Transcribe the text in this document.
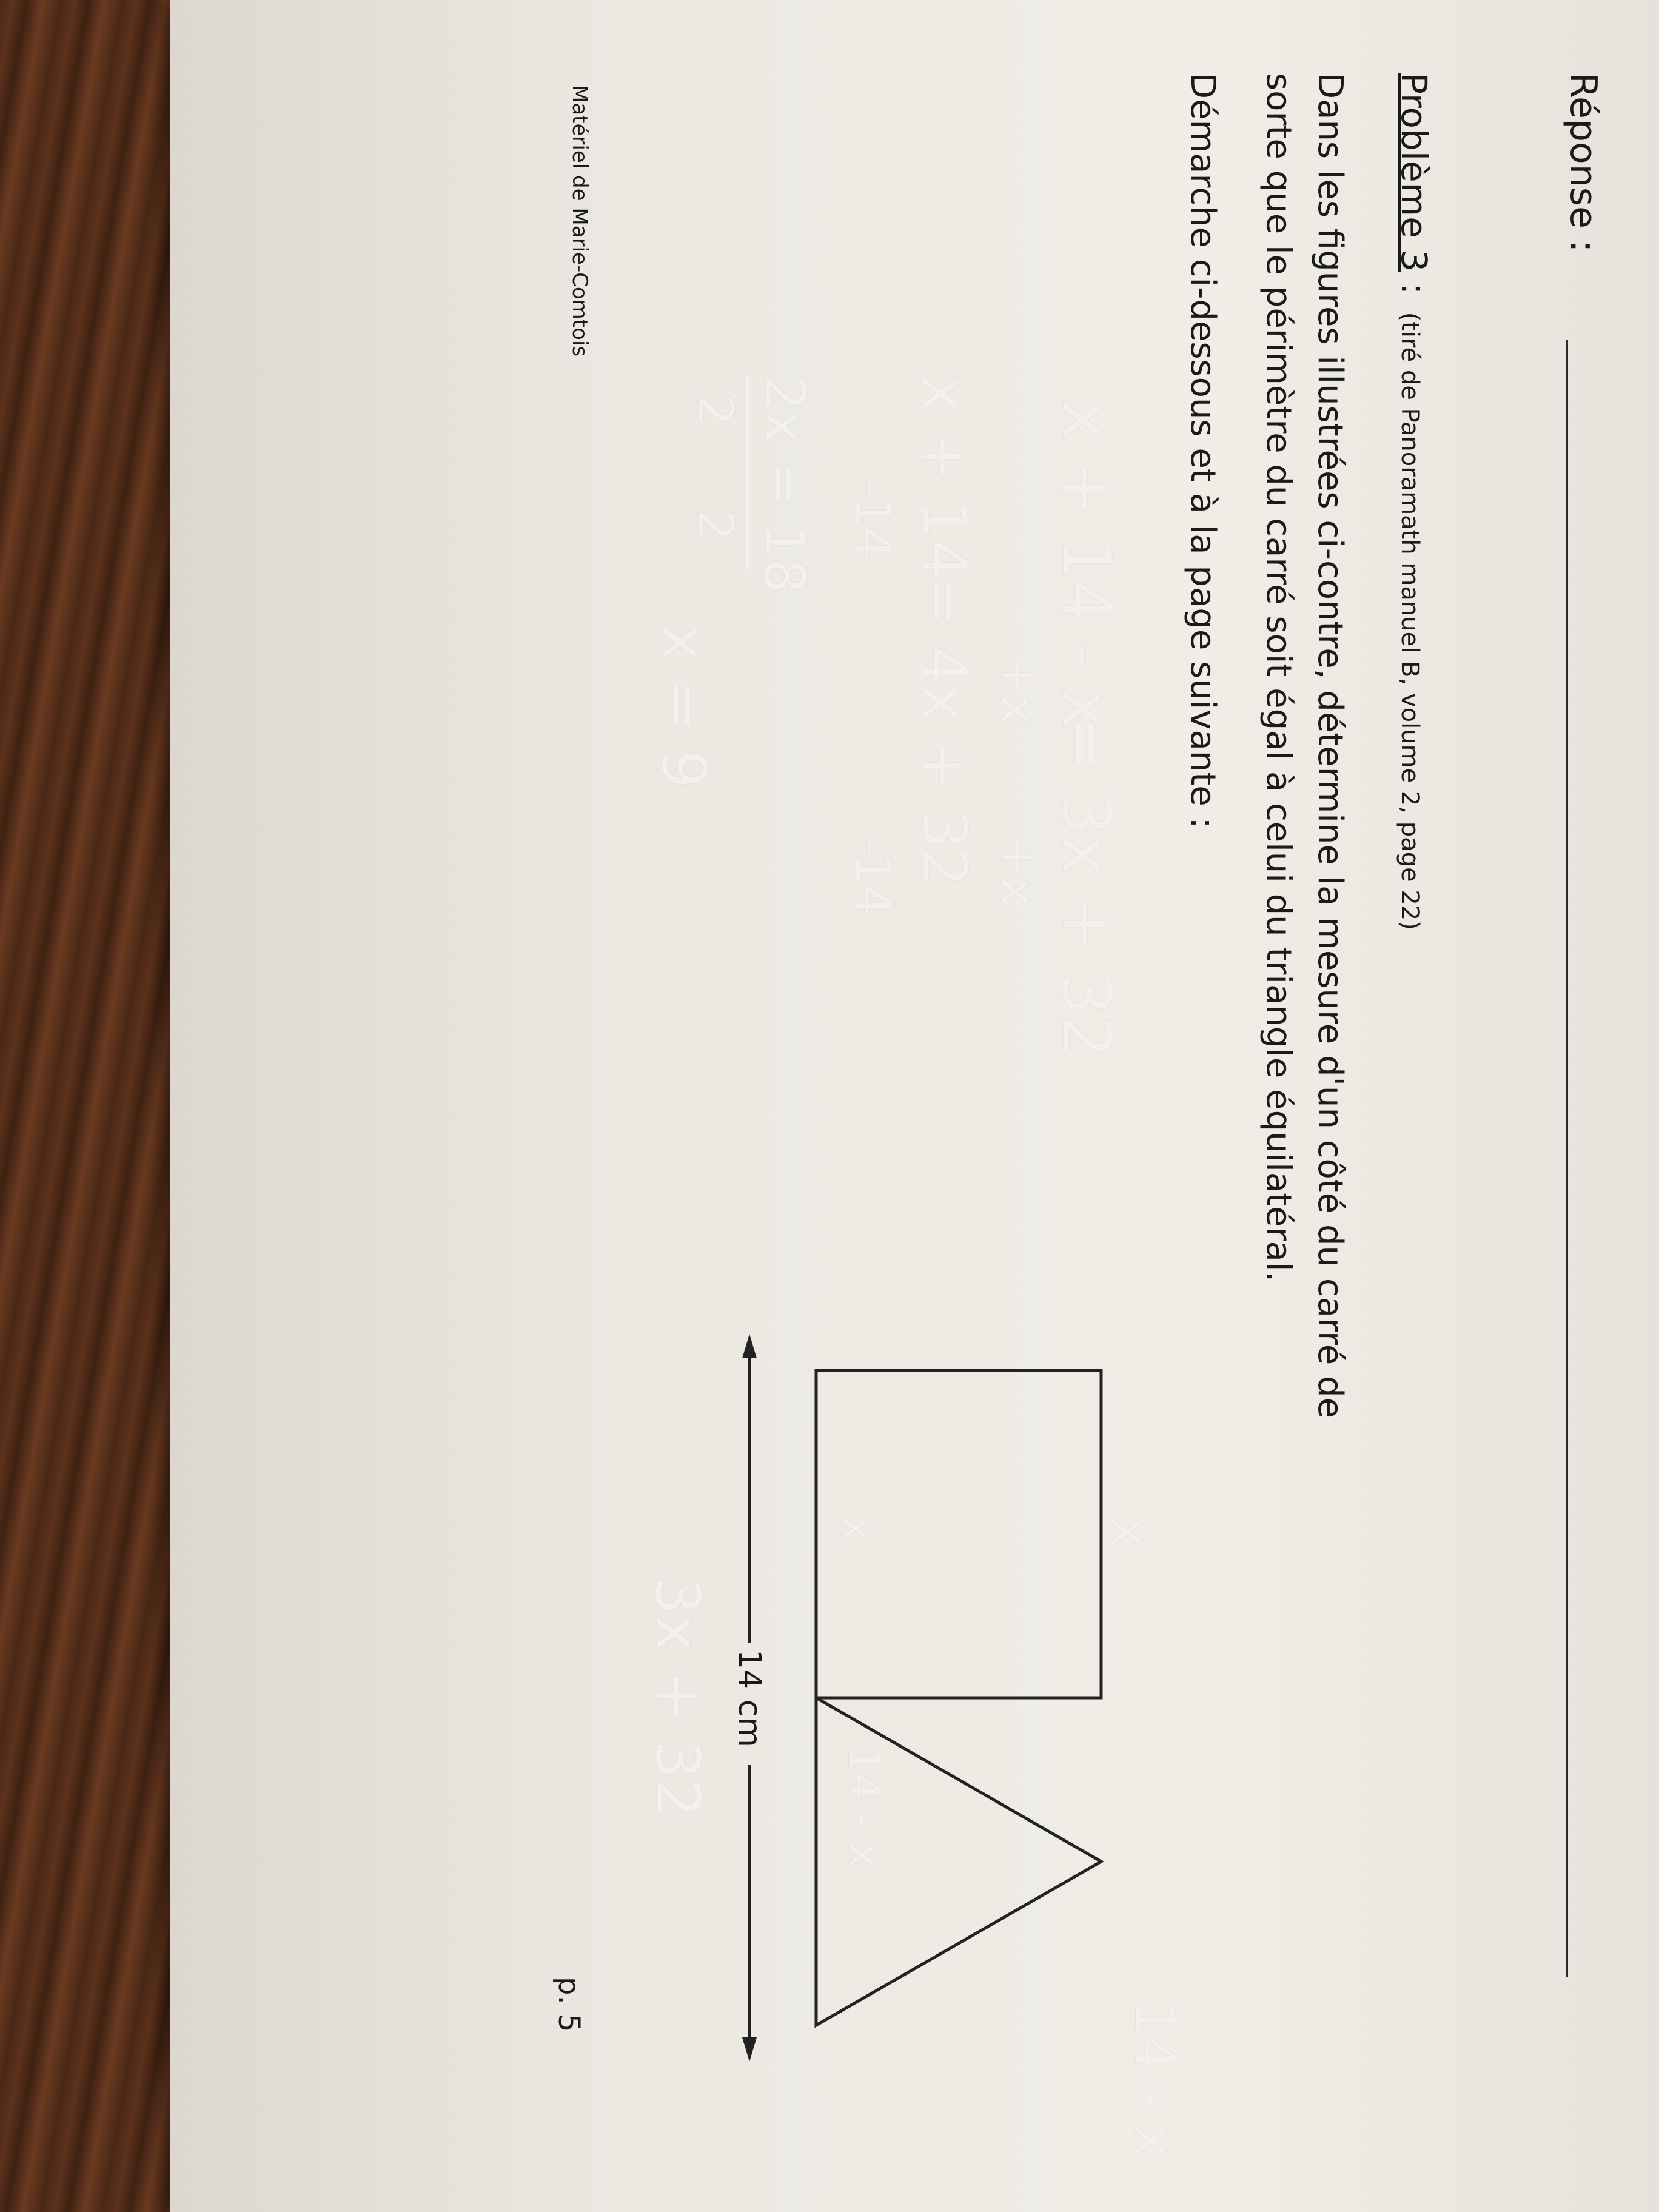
Réponse :
Problème 3 : (tiré de Panoramath manuel B, volume 2, page 22)
Dans les figures illustrées ci-contre, détermine la mesure d'un côté du carré de
sorte que le périmètre du carré soit égal à celui du triangle équilatéral.
Démarche ci-dessous et à la page suivante :
x + 14 - x
= 3x + 32
+x
+x
x + 14
= 4x + 32
-14
-14
2x
= 18
2
2
x = 9
14 cm
x
x
14 - x
14 - x
3x + 32
Matériel de Marie-Comtois
p. 5
